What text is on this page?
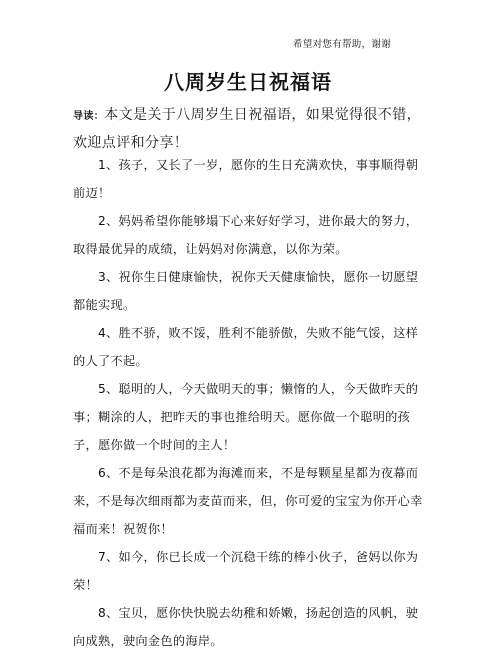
希望对您有帮助，谢谢
八周岁生日祝福语
导读：本文是关于八周岁生日祝福语，如果觉得很不错，欢迎点评和分享！

1、孩子，又长了一岁，愿你的生日充满欢快，事事顺得朝前迈！

2、妈妈希望你能够塌下心来好好学习，进你最大的努力，取得最优异的成绩，让妈妈对你满意，以你为荣。

3、祝你生日健康愉快，祝你天天健康愉快，愿你一切愿望都能实现。

4、胜不骄，败不馁，胜利不能骄傲，失败不能气馁，这样的人了不起。

5、聪明的人，今天做明天的事；懒惰的人，今天做昨天的事；糊涂的人，把昨天的事也推给明天。愿你做一个聪明的孩子，愿你做一个时间的主人！

6、不是每朵浪花都为海滩而来，不是每颗星星都为夜幕而来，不是每次细雨都为麦苗而来，但，你可爱的宝宝为你开心幸福而来！祝贺你！

7、如今，你已长成一个沉稳干练的棒小伙子，爸妈以你为荣！

8、宝贝，愿你快快脱去幼稚和娇嫩，扬起创造的风帆，驶向成熟，驶向金色的海岸。
